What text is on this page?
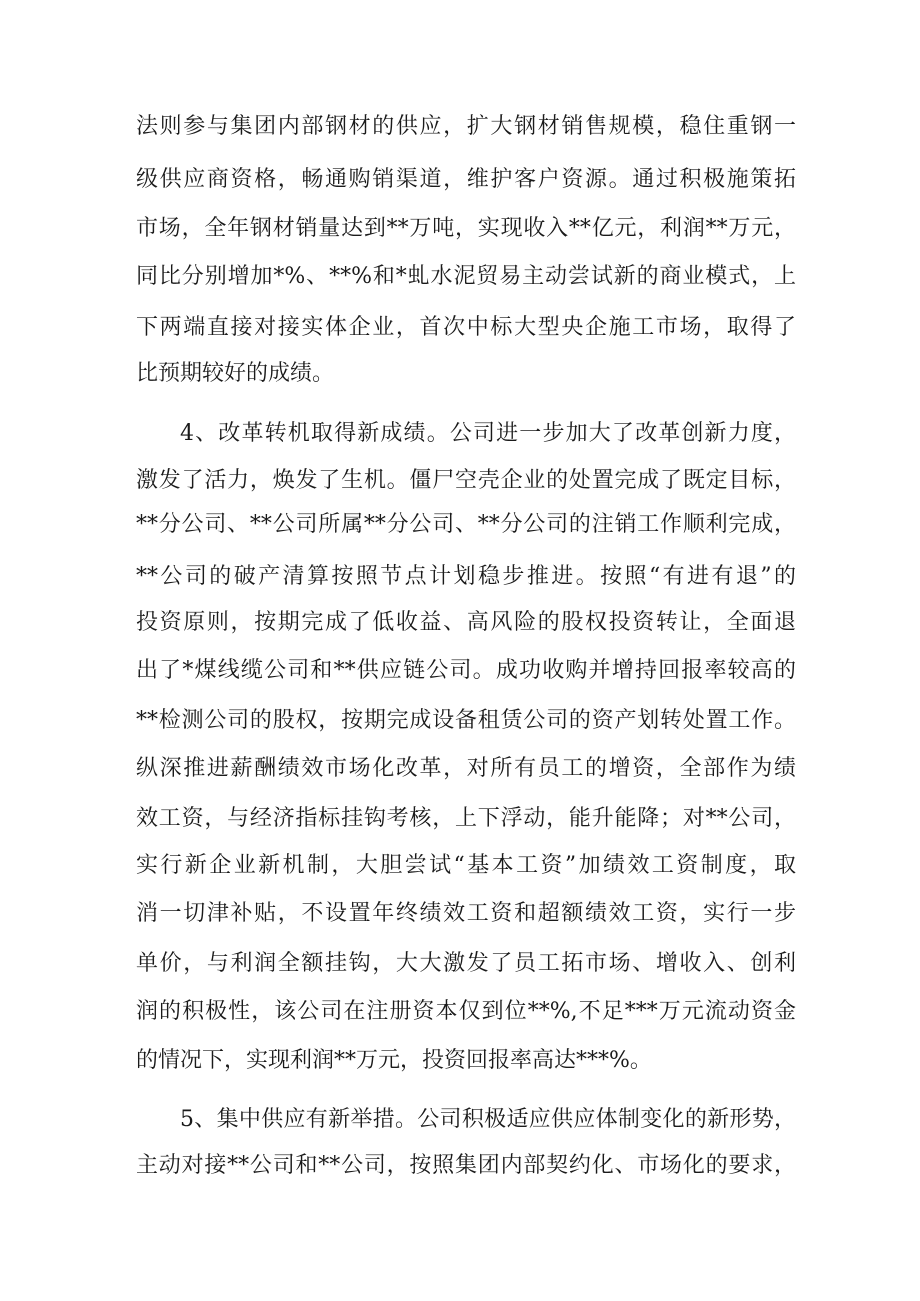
法则参与集团内部钢材的供应，扩大钢材销售规模，稳住重钢一
级供应商资格，畅通购销渠道，维护客户资源。通过积极施策拓
市场，全年钢材销量达到**万吨，实现收入**亿元，利润**万元，
同比分别增加*%、**%和*虬水泥贸易主动尝试新的商业模式，上
下两端直接对接实体企业，首次中标大型央企施工市场，取得了
比预期较好的成绩。
4、改革转机取得新成绩。公司进一步加大了改革创新力度，
激发了活力，焕发了生机。僵尸空壳企业的处置完成了既定目标，
**分公司、**公司所属**分公司、**分公司的注销工作顺利完成，
**公司的破产清算按照节点计划稳步推进。按照“有进有退”的
投资原则，按期完成了低收益、高风险的股权投资转让，全面退
出了*煤线缆公司和**供应链公司。成功收购并增持回报率较高的
**检测公司的股权，按期完成设备租赁公司的资产划转处置工作。
纵深推进薪酬绩效市场化改革，对所有员工的增资，全部作为绩
效工资，与经济指标挂钩考核，上下浮动，能升能降；对**公司，
实行新企业新机制，大胆尝试“基本工资”加绩效工资制度，取
消一切津补贴，不设置年终绩效工资和超额绩效工资，实行一步
单价，与利润全额挂钩，大大激发了员工拓市场、增收入、创利
润的积极性，该公司在注册资本仅到位**%,不足***万元流动资金
的情况下，实现利润**万元，投资回报率高达***%。
5、集中供应有新举措。公司积极适应供应体制变化的新形势，
主动对接**公司和**公司，按照集团内部契约化、市场化的要求，
